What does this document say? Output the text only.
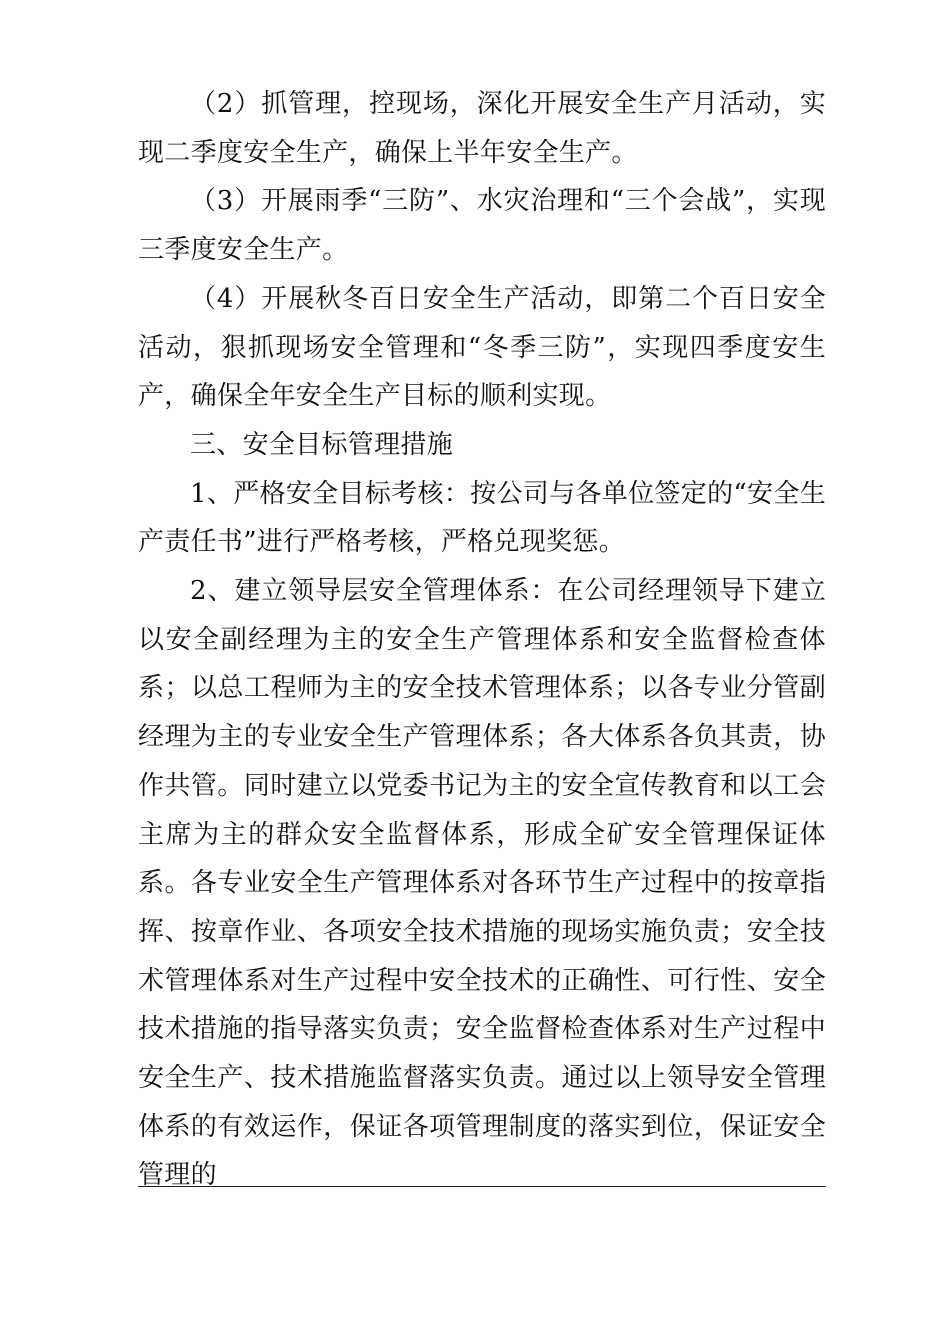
（2）抓管理，控现场，深化开展安全生产月活动，实现二季度安全生产，确保上半年安全生产。

（3）开展雨季“三防”、水灾治理和“三个会战”，实现三季度安全生产。

（4）开展秋冬百日安全生产活动，即第二个百日安全活动，狠抓现场安全管理和“冬季三防”，实现四季度安生产，确保全年安全生产目标的顺利实现。

三、安全目标管理措施

1、严格安全目标考核：按公司与各单位签定的“安全生产责任书”进行严格考核，严格兑现奖惩。

2、建立领导层安全管理体系：在公司经理领导下建立以安全副经理为主的安全生产管理体系和安全监督检查体系；以总工程师为主的安全技术管理体系；以各专业分管副经理为主的专业安全生产管理体系；各大体系各负其责，协作共管。同时建立以党委书记为主的安全宣传教育和以工会主席为主的群众安全监督体系，形成全矿安全管理保证体系。各专业安全生产管理体系对各环节生产过程中的按章指挥、按章作业、各项安全技术措施的现场实施负责；安全技术管理体系对生产过程中安全技术的正确性、可行性、安全技术措施的指导落实负责；安全监督检查体系对生产过程中安全生产、技术措施监督落实负责。通过以上领导安全管理体系的有效运作，保证各项管理制度的落实到位，保证安全管理的
